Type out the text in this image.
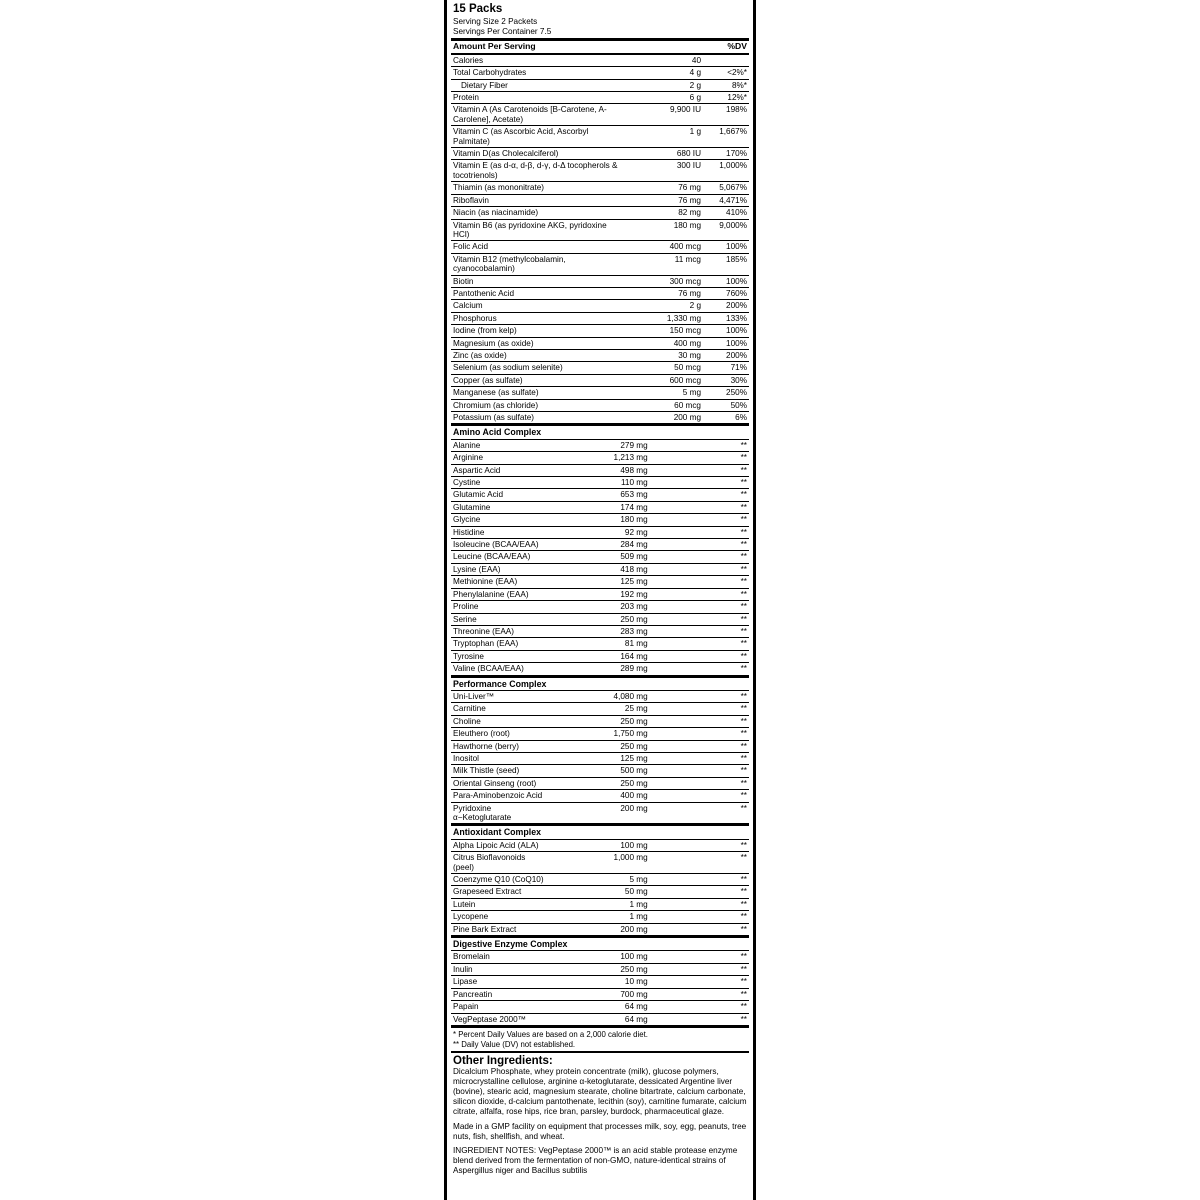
15 Packs
Serving Size 2 Packets
Servings Per Container 7.5
Amount Per Serving		%DV
Calories	40	
Total Carbohydrates	4 g	<2%*
Dietary Fiber	2 g	8%*
Protein	6 g	12%*
Vitamin A (As Carotenoids [B-Carotene, A-Carolene], Acetate)	9,900 IU	198%
Vitamin C (as Ascorbic Acid, Ascorbyl Palmitate)	1 g	1,667%
Vitamin D(as Cholecalciferol)	680 IU	170%
Vitamin E (as d-α, d-β, d-γ, d-Δ tocopherols & tocotrienols)	300 IU	1,000%
Thiamin (as mononitrate)	76 mg	5,067%
Riboflavin	76 mg	4,471%
Niacin (as niacinamide)	82 mg	410%
Vitamin B6 (as pyridoxine AKG, pyridoxine HCl)	180 mg	9,000%
Folic Acid	400 mcg	100%
Vitamin B12 (methylcobalamin, cyanocobalamin)	11 mcg	185%
Biotin	300 mcg	100%
Pantothenic Acid	76 mg	760%
Calcium	2 g	200%
Phosphorus	1,330 mg	133%
Iodine (from kelp)	150 mcg	100%
Magnesium (as oxide)	400 mg	100%
Zinc (as oxide)	30 mg	200%
Selenium (as sodium selenite)	50 mcg	71%
Copper (as sulfate)	600 mcg	30%
Manganese (as sulfate)	5 mg	250%
Chromium (as chloride)	60 mcg	50%
Potassium (as sulfate)	200 mg	6%
Amino Acid Complex		
Alanine	279 mg	**
Arginine	1,213 mg	**
Aspartic Acid	498 mg	**
Cystine	110 mg	**
Glutamic Acid	653 mg	**
Glutamine	174 mg	**
Glycine	180 mg	**
Histidine	92 mg	**
Isoleucine (BCAA/EAA)	284 mg	**
Leucine (BCAA/EAA)	509 mg	**
Lysine (EAA)	418 mg	**
Methionine (EAA)	125 mg	**
Phenylalanine (EAA)	192 mg	**
Proline	203 mg	**
Serine	250 mg	**
Threonine (EAA)	283 mg	**
Tryptophan (EAA)	81 mg	**
Tyrosine	164 mg	**
Valine (BCAA/EAA)	289 mg	**
Performance Complex		
Uni-Liver™	4,080 mg	**
Carnitine	25 mg	**
Choline	250 mg	**
Eleuthero (root)	1,750 mg	**
Hawthorne (berry)	250 mg	**
Inositol	125 mg	**
Milk Thistle (seed)	500 mg	**
Oriental Ginseng (root)	250 mg	**
Para-Aminobenzoic Acid	400 mg	**
Pyridoxine α−Ketoglutarate	200 mg	**
Antioxidant Complex		
Alpha Lipoic Acid (ALA)	100 mg	**
Citrus Bioflavonoids (peel)	1,000 mg	**
Coenzyme Q10 (CoQ10)	5 mg	**
Grapeseed Extract	50 mg	**
Lutein	1 mg	**
Lycopene	1 mg	**
Pine Bark Extract	200 mg	**
Digestive Enzyme Complex		
Bromelain	100 mg	**
Inulin	250 mg	**
Lipase	10 mg	**
Pancreatin	700 mg	**
Papain	64 mg	**
VegPeptase 2000™	64 mg	**
* Percent Daily Values are based on a 2,000 calorie diet.
** Daily Value (DV) not established.
Other Ingredients:
Dicalcium Phosphate, whey protein concentrate (milk), glucose polymers, microcrystalline cellulose, arginine α-ketoglutarate, dessicated Argentine liver (bovine), stearic acid, magnesium stearate, choline bitartrate, calcium carbonate, silicon dioxide, d-calcium pantothenate, lecithin (soy), carnitine fumarate, calcium citrate, alfalfa, rose hips, rice bran, parsley, burdock, pharmaceutical glaze.
Made in a GMP facility on equipment that processes milk, soy, egg, peanuts, tree nuts, fish, shellfish, and wheat.
INGREDIENT NOTES: VegPeptase 2000™ is an acid stable protease enzyme blend derived from the fermentation of non-GMO, nature-identical strains of Aspergillus niger and Bacillus subtilis
